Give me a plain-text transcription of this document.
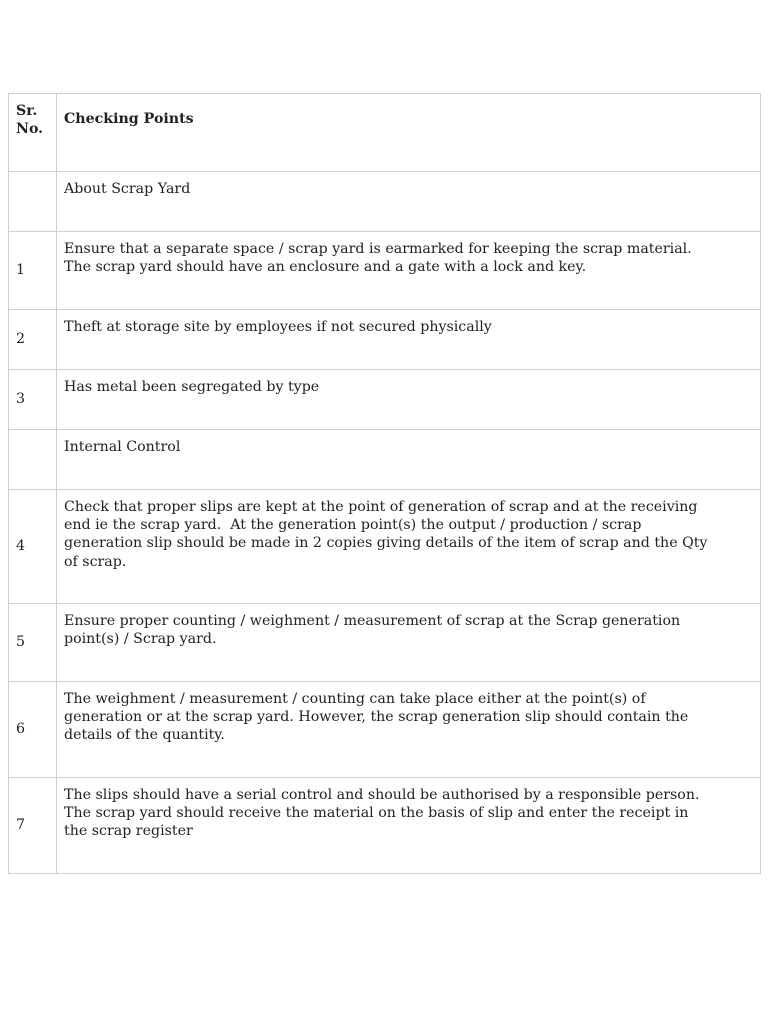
Sr.
No.	Checking Points
	About Scrap Yard
1	Ensure that a separate space / scrap yard is earmarked for keeping the scrap material.
The scrap yard should have an enclosure and a gate with a lock and key.
2	Theft at storage site by employees if not secured physically
3	Has metal been segregated by type
	Internal Control
4	Check that proper slips are kept at the point of generation of scrap and at the receiving
end ie the scrap yard.  At the generation point(s) the output / production / scrap
generation slip should be made in 2 copies giving details of the item of scrap and the Qty
of scrap.
5	Ensure proper counting / weighment / measurement of scrap at the Scrap generation
point(s) / Scrap yard.
6	The weighment / measurement / counting can take place either at the point(s) of
generation or at the scrap yard. However, the scrap generation slip should contain the
details of the quantity.
7	The slips should have a serial control and should be authorised by a responsible person.
The scrap yard should receive the material on the basis of slip and enter the receipt in
the scrap register
